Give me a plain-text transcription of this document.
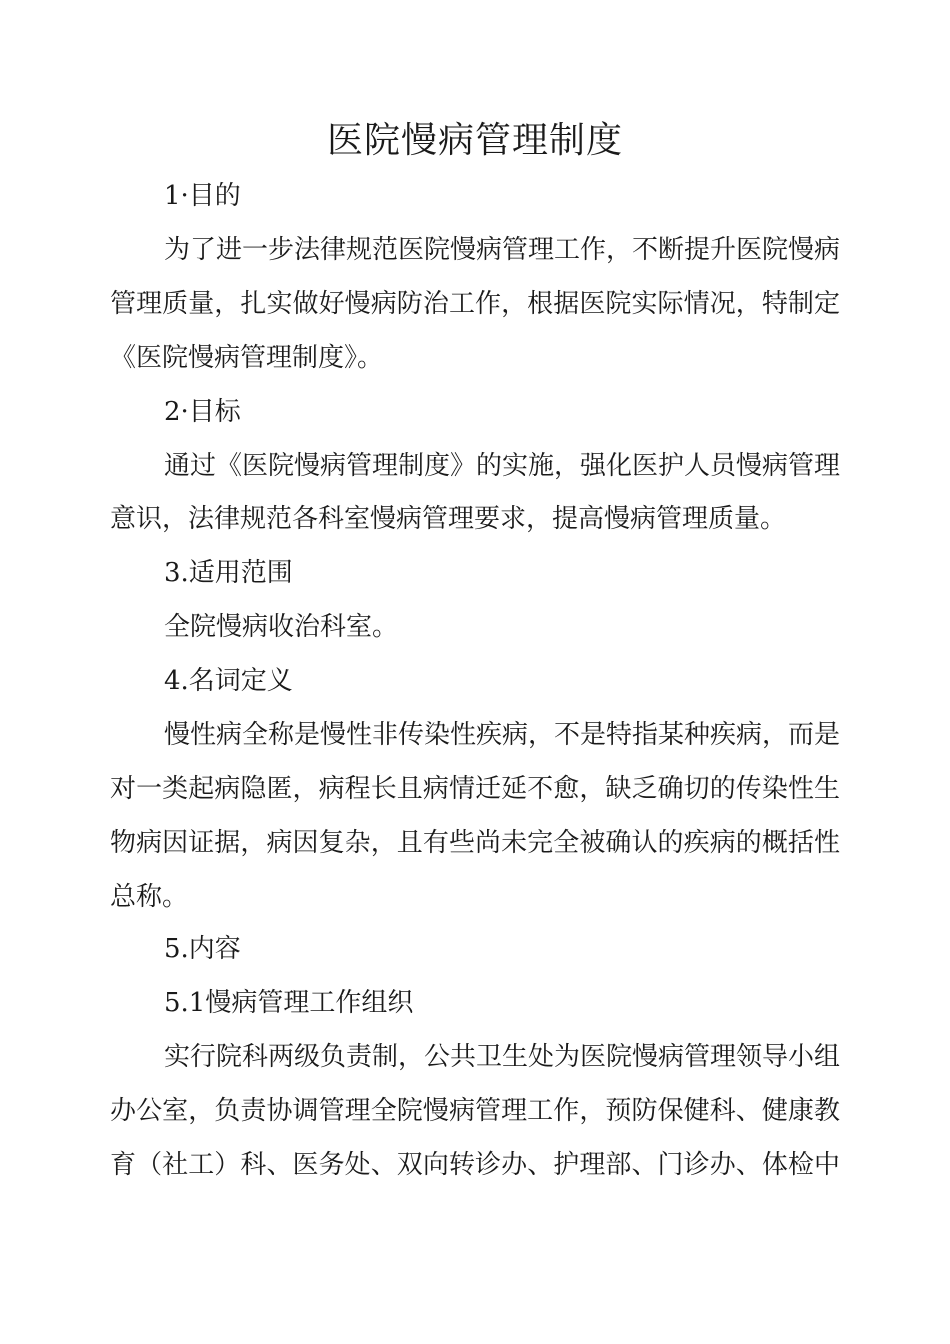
医院慢病管理制度
1·目的
为了进一步法律规范医院慢病管理工作，不断提升医院慢病
管理质量，扎实做好慢病防治工作，根据医院实际情况，特制定
《医院慢病管理制度》。
2·目标
通过《医院慢病管理制度》的实施，强化医护人员慢病管理
意识，法律规范各科室慢病管理要求，提高慢病管理质量。
3.适用范围
全院慢病收治科室。
4.名词定义
慢性病全称是慢性非传染性疾病，不是特指某种疾病，而是
对一类起病隐匿，病程长且病情迁延不愈，缺乏确切的传染性生
物病因证据，病因复杂，且有些尚未完全被确认的疾病的概括性
总称。
5.内容
5.1慢病管理工作组织
实行院科两级负责制，公共卫生处为医院慢病管理领导小组
办公室，负责协调管理全院慢病管理工作，预防保健科、健康教
育（社工）科、医务处、双向转诊办、护理部、门诊办、体检中
